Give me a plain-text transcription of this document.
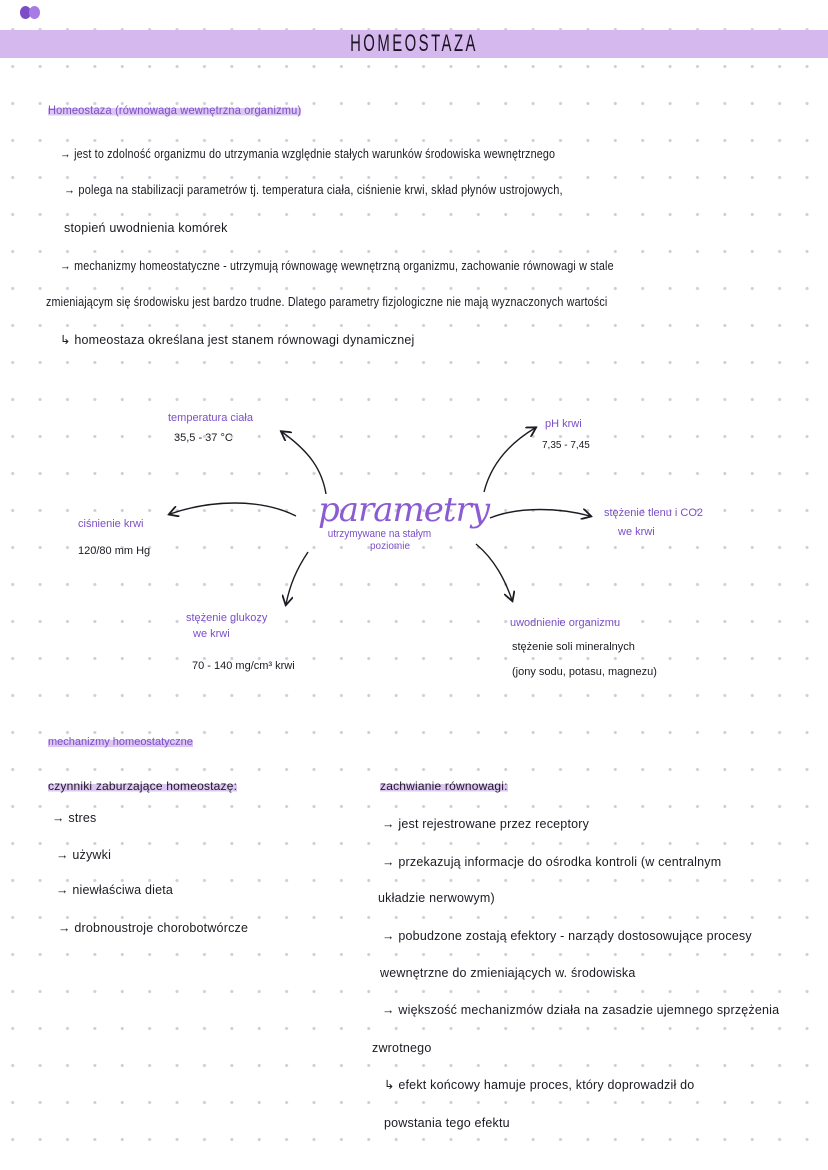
HOMEOSTAZA
Homeostaza (równowaga wewnętrzna organizmu)
→ jest to zdolność organizmu do utrzymania względnie stałych warunków środowiska wewnętrznego
→ polega na stabilizacji parametrów tj. temperatura ciała, ciśnienie krwi, skład płynów ustrojowych,
stopień uwodnienia komórek
→ mechanizmy homeostatyczne - utrzymują równowagę wewnętrzną organizmu, zachowanie równowagi w stale
zmieniającym się środowisku jest bardzo trudne. Dlatego parametry fizjologiczne nie mają wyznaczonych wartości
↳ homeostaza określana jest stanem równowagi dynamicznej
parametry
utrzymywane na stałym
poziomie
temperatura ciała
35,5 - 37 °C
pH krwi
7,35 - 7,45
ciśnienie krwi
120/80 mm Hg
stężenie tlenu i CO2
we krwi
stężenie glukozy
we krwi
70 - 140 mg/cm³ krwi
uwodnienie organizmu
stężenie soli mineralnych
(jony sodu, potasu, magnezu)
mechanizmy homeostatyczne
czynniki zaburzające homeostazę:
→ stres
→ używki
→ niewłaściwa dieta
→ drobnoustroje chorobotwórcze
zachwianie równowagi:
→ jest rejestrowane przez receptory
→ przekazują informacje do ośrodka kontroli (w centralnym
układzie nerwowym)
→ pobudzone zostają efektory - narządy dostosowujące procesy
wewnętrzne do zmieniających w. środowiska
→ większość mechanizmów działa na zasadzie ujemnego sprzężenia
zwrotnego
↳ efekt końcowy hamuje proces, który doprowadził do
powstania tego efektu
